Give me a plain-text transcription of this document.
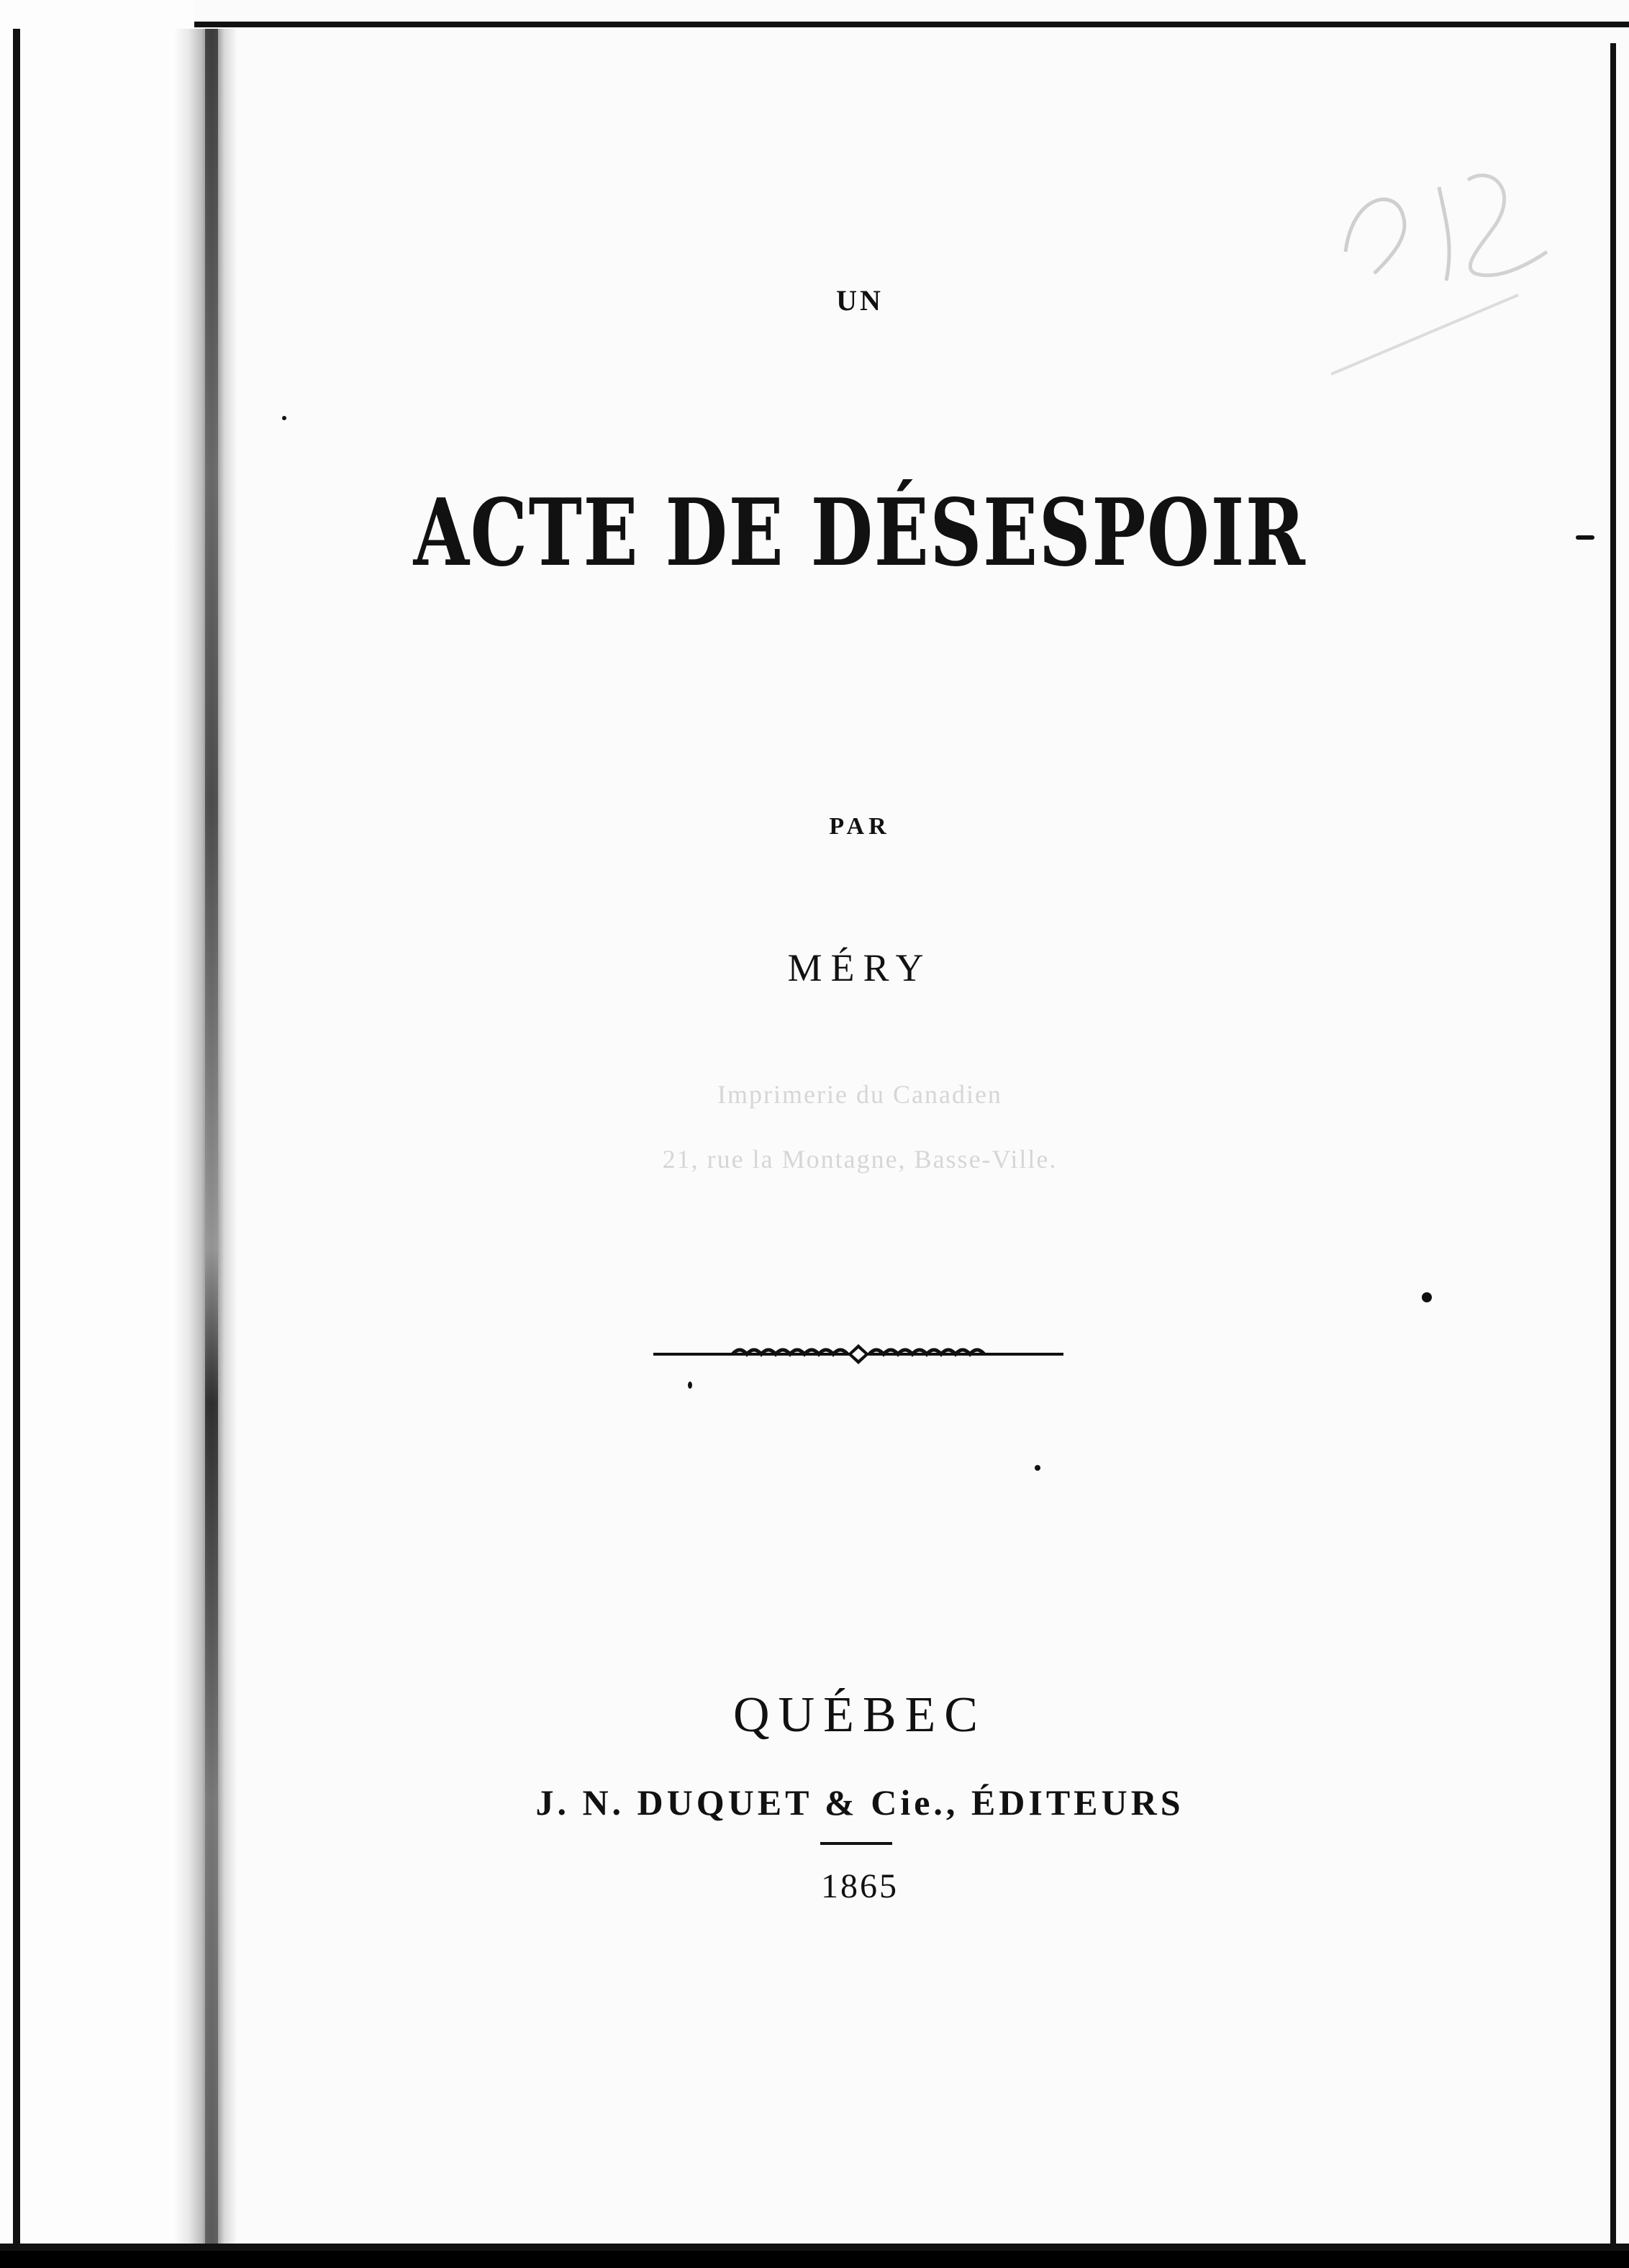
UN
ACTE DE DÉSESPOIR
PAR
MÉRY
Imprimerie du Canadien
21, rue la Montagne, Basse-Ville.
QUÉBEC
J. N. DUQUET & Cie., ÉDITEURS
1865
